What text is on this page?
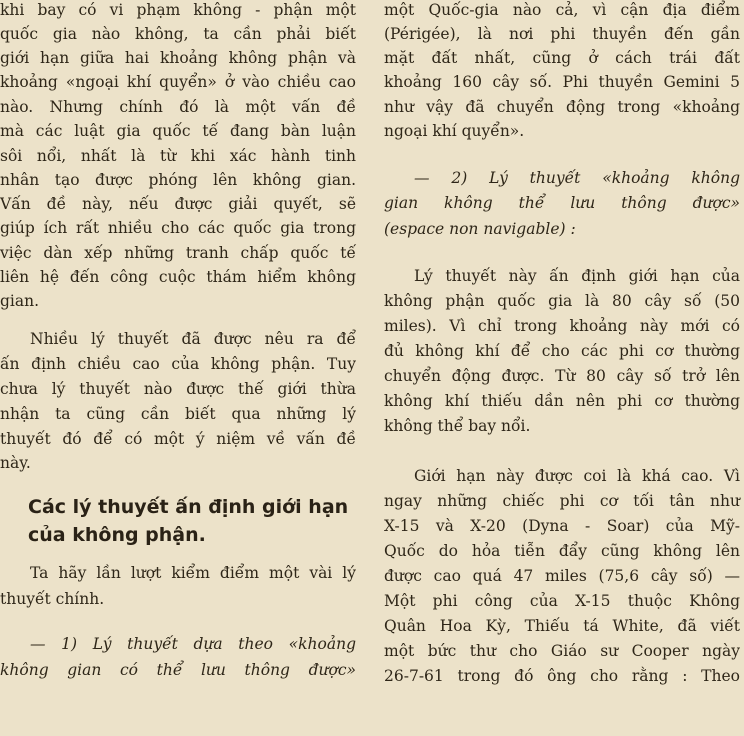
khi bay có vi phạm không - phận một
quốc gia nào không, ta cần phải biết
giới hạn giữa hai khoảng không phận và
khoảng «ngoại khí quyển» ở vào chiều cao
nào. Nhưng chính đó là một vấn đề
mà các luật gia quốc tế đang bàn luận
sôi nổi, nhất là từ khi xác hành tinh
nhân tạo được phóng lên không gian.
Vấn đề này, nếu được giải quyết, sẽ
giúp ích rất nhiều cho các quốc gia trong
việc dàn xếp những tranh chấp quốc tế
liên hệ đến công cuộc thám hiểm không
gian.
Nhiều lý thuyết đã được nêu ra để
ấn định chiều cao của không phận. Tuy
chưa lý thuyết nào được thế giới thừa
nhận ta cũng cần biết qua những lý
thuyết đó để có một ý niệm về vấn đề
này.
Các lý thuyết ấn định giới hạn
của không phận.
Ta hãy lần lượt kiểm điểm một vài lý
thuyết chính.
— 1) Lý thuyết dựa theo «khoảng
không gian có thể lưu thông được»
một Quốc-gia nào cả, vì cận địa điểm
(Périgée), là nơi phi thuyền đến gần
mặt đất nhất, cũng ở cách trái đất
khoảng 160 cây số. Phi thuyền Gemini 5
như vậy đã chuyển động trong «khoảng
ngoại khí quyển».
— 2) Lý thuyết «khoảng không
gian không thể lưu thông được»
(espace non navigable) :
Lý thuyết này ấn định giới hạn của
không phận quốc gia là 80 cây số (50
miles). Vì chỉ trong khoảng này mới có
đủ không khí để cho các phi cơ thường
chuyển động được. Từ 80 cây số trở lên
không khí thiếu dần nên phi cơ thường
không thể bay nổi.
Giới hạn này được coi là khá cao. Vì
ngay những chiếc phi cơ tối tân như
X-15 và X-20 (Dyna - Soar) của Mỹ-
Quốc do hỏa tiễn đẩy cũng không lên
được cao quá 47 miles (75,6 cây số) —
Một phi công của X-15 thuộc Không
Quân Hoa Kỳ, Thiếu tá White, đã viết
một bức thư cho Giáo sư Cooper ngày
26-7-61 trong đó ông cho rằng : Theo
